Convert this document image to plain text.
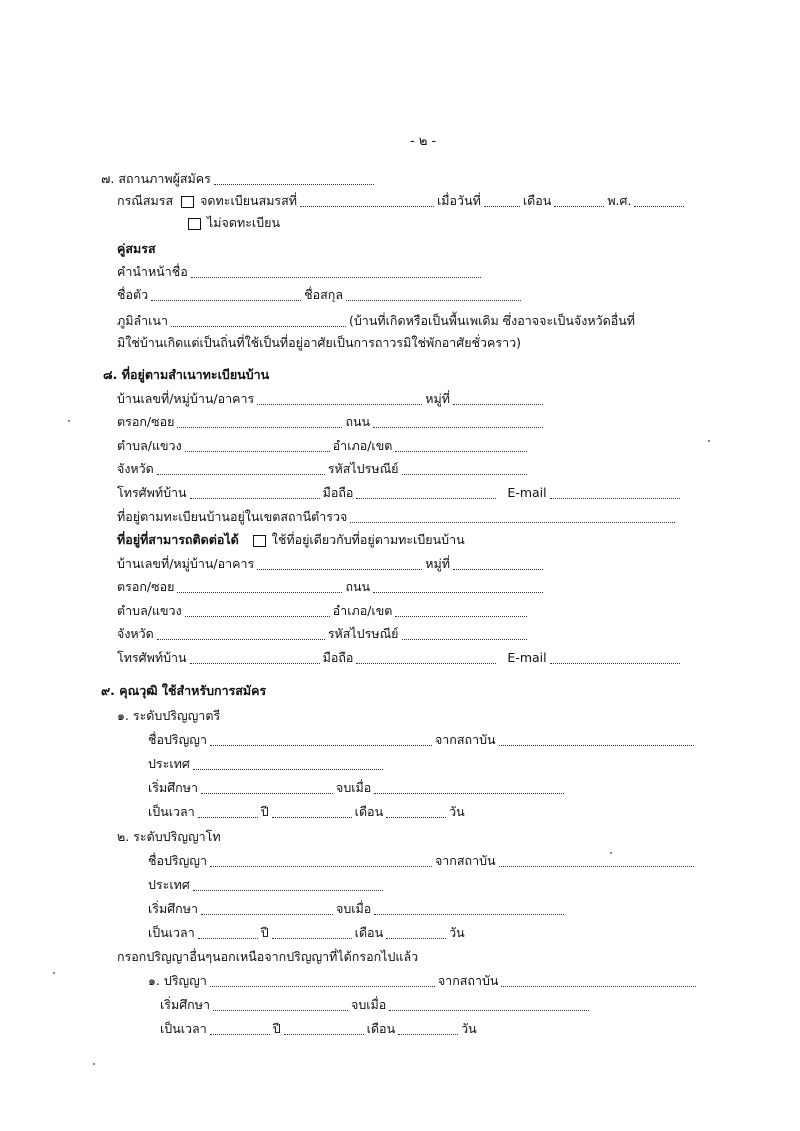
- ๒ -
๗. สถานภาพผู้สมัคร
กรณีสมรส จดทะเบียนสมรสที่	เมื่อวันที่	เดือน	พ.ศ.
ไม่จดทะเบียน
คู่สมรส
คำนำหน้าชื่อ
ชื่อตัว	ชื่อสกุล
ภูมิลำเนา	(บ้านที่เกิดหรือเป็นพื้นเพเดิม ซึ่งอาจจะเป็นจังหวัดอื่นที่
มิใช่บ้านเกิดแต่เป็นถิ่นที่ใช้เป็นที่อยู่อาศัยเป็นการถาวรมิใช่พักอาศัยชั่วคราว)
๘. ที่อยู่ตามสำเนาทะเบียนบ้าน
บ้านเลขที่/หมู่บ้าน/อาคาร	หมู่ที่
ตรอก/ซอย	ถนน
ตำบล/แขวง	อำเภอ/เขต
จังหวัด	รหัสไปรษณีย์
โทรศัพท์บ้าน	มือถือ	E-mail
ที่อยู่ตามทะเบียนบ้านอยู่ในเขตสถานีตำรวจ
ที่อยู่ที่สามารถติดต่อได้	ใช้ที่อยู่เดียวกับที่อยู่ตามทะเบียนบ้าน
บ้านเลขที่/หมู่บ้าน/อาคาร	หมู่ที่
ตรอก/ซอย	ถนน
ตำบล/แขวง	อำเภอ/เขต
จังหวัด	รหัสไปรษณีย์
โทรศัพท์บ้าน	มือถือ	E-mail
๙. คุณวุฒิ ใช้สำหรับการสมัคร
๑. ระดับปริญญาตรี
ชื่อปริญญา	จากสถาบัน
ประเทศ
เริ่มศึกษา	จบเมื่อ
เป็นเวลา	ปี	เดือน	วัน
๒. ระดับปริญญาโท
ชื่อปริญญา	จากสถาบัน
ประเทศ
เริ่มศึกษา	จบเมื่อ
เป็นเวลา	ปี	เดือน	วัน
กรอกปริญญาอื่นๆนอกเหนือจากปริญญาที่ได้กรอกไปแล้ว
๑. ปริญญา	จากสถาบัน
เริ่มศึกษา	จบเมื่อ
เป็นเวลา	ปี	เดือน	วัน
